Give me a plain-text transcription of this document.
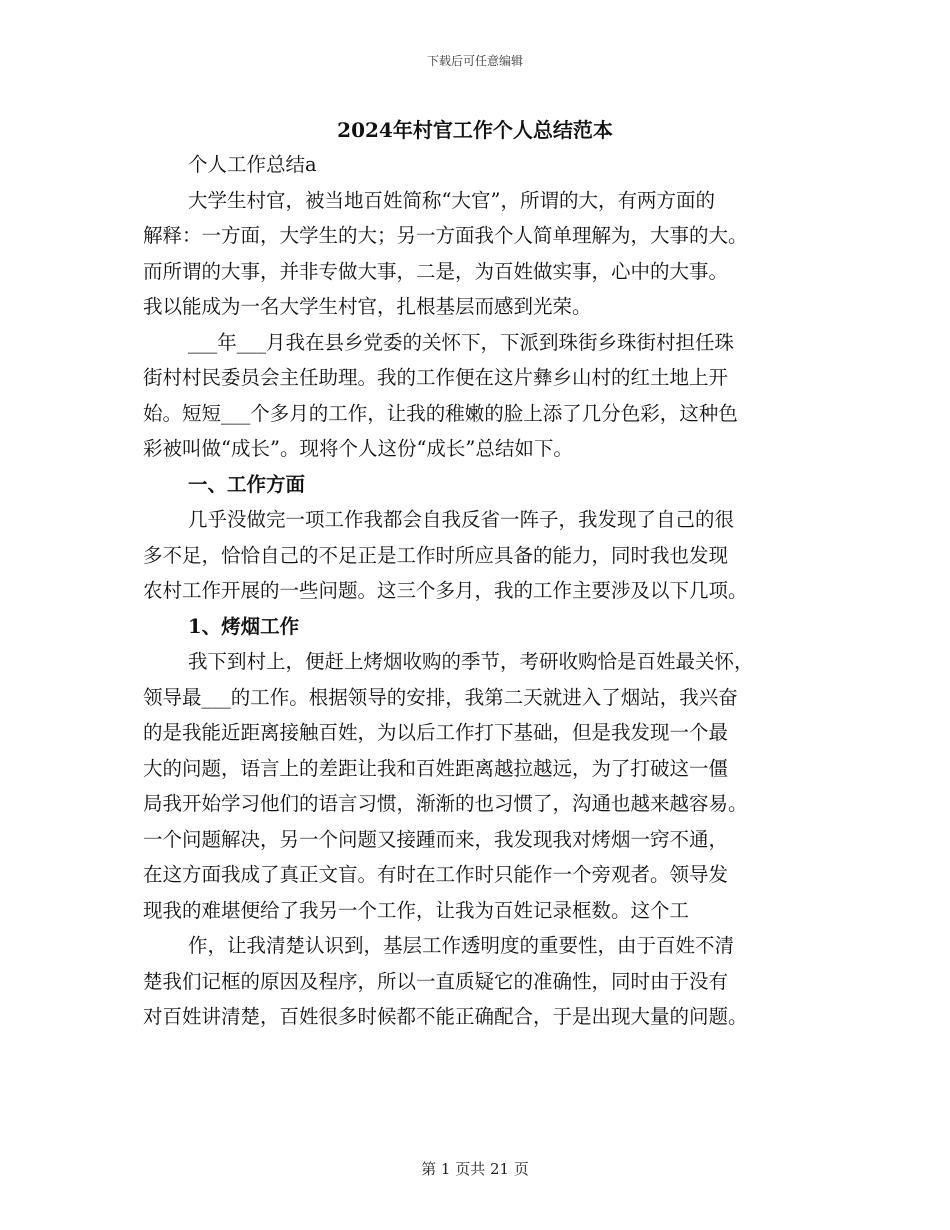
下载后可任意编辑
2024年村官工作个人总结范本
个人工作总结a
大学生村官，被当地百姓简称“大官”，所谓的大，有两方面的
解释：一方面，大学生的大；另一方面我个人简单理解为，大事的大。
而所谓的大事，并非专做大事，二是，为百姓做实事，心中的大事。
我以能成为一名大学生村官，扎根基层而感到光荣。
___年___月我在县乡党委的关怀下，下派到珠街乡珠街村担任珠
街村村民委员会主任助理。我的工作便在这片彝乡山村的红土地上开
始。短短___个多月的工作，让我的稚嫩的脸上添了几分色彩，这种色
彩被叫做“成长”。现将个人这份“成长”总结如下。
一、工作方面
几乎没做完一项工作我都会自我反省一阵子，我发现了自己的很
多不足，恰恰自己的不足正是工作时所应具备的能力，同时我也发现
农村工作开展的一些问题。这三个多月，我的工作主要涉及以下几项。
1、烤烟工作
我下到村上，便赶上烤烟收购的季节，考研收购恰是百姓最关怀，
领导最___的工作。根据领导的安排，我第二天就进入了烟站，我兴奋
的是我能近距离接触百姓，为以后工作打下基础，但是我发现一个最
大的问题，语言上的差距让我和百姓距离越拉越远，为了打破这一僵
局我开始学习他们的语言习惯，渐渐的也习惯了，沟通也越来越容易。
一个问题解决，另一个问题又接踵而来，我发现我对烤烟一窍不通，
在这方面我成了真正文盲。有时在工作时只能作一个旁观者。领导发
现我的难堪便给了我另一个工作，让我为百姓记录框数。这个工
作，让我清楚认识到，基层工作透明度的重要性，由于百姓不清
楚我们记框的原因及程序，所以一直质疑它的准确性，同时由于没有
对百姓讲清楚，百姓很多时候都不能正确配合，于是出现大量的问题。
第 1 页共 21 页
